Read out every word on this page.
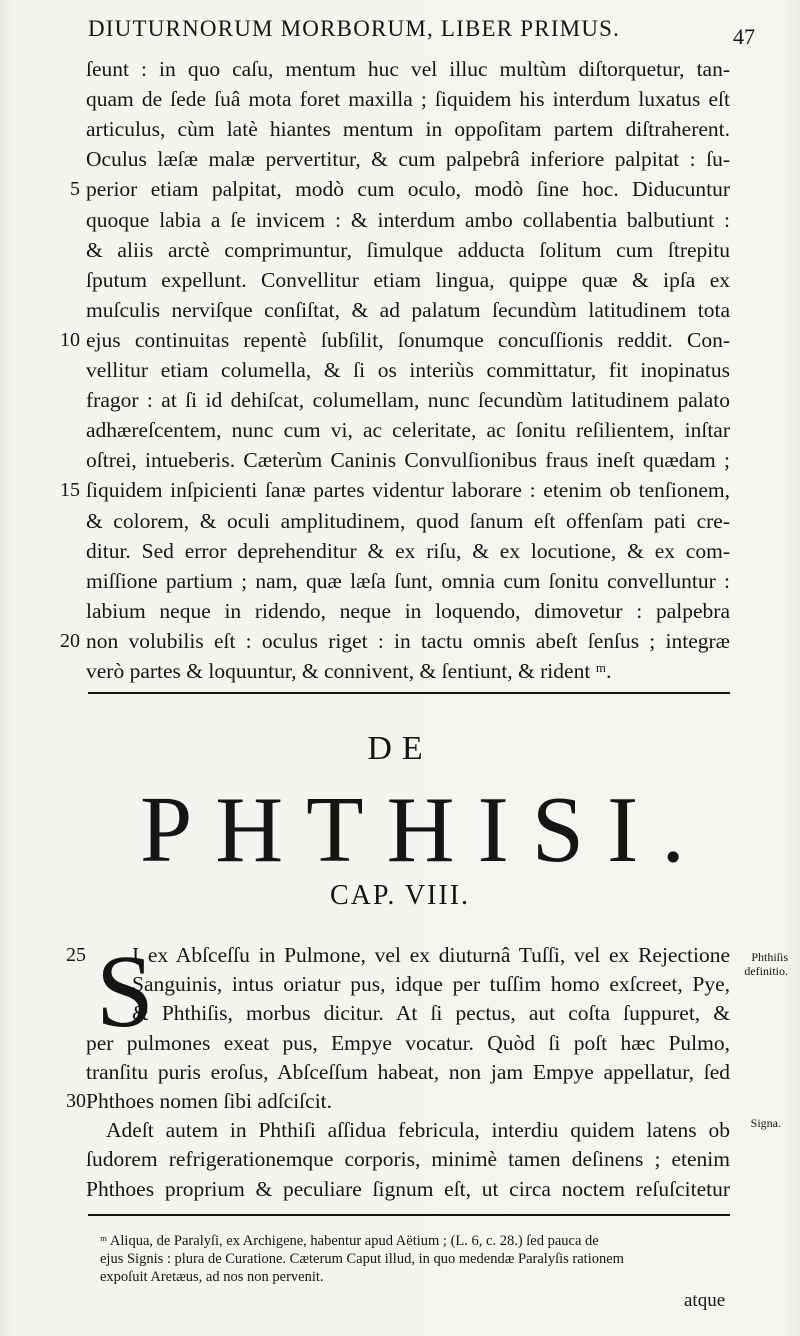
DIUTURNORUM MORBORUM, LIBER PRIMUS.	47
ſeunt : in quo caſu, mentum huc vel illuc multùm diſtorquetur, tan-
quam de ſede ſuâ mota foret maxilla ; ſiquidem his interdum luxatus eſt
articulus, cùm latè hiantes mentum in oppoſitam partem diſtraherent.
Oculus læſæ malæ pervertitur, & cum palpebrâ inferiore palpitat : ſu-
perior etiam palpitat, modò cum oculo, modò ſine hoc. Diducuntur
quoque labia a ſe invicem : & interdum ambo collabentia balbutiunt :
& aliis arctè comprimuntur, ſimulque adducta ſolitum cum ſtrepitu
ſputum expellunt. Convellitur etiam lingua, quippe quæ & ipſa ex
muſculis nerviſque conſiſtat, & ad palatum ſecundùm latitudinem tota
ejus continuitas repentè ſubſilit, ſonumque concuſſionis reddit. Con-
vellitur etiam columella, & ſi os interiùs committatur, fit inopinatus
fragor : at ſi id dehiſcat, columellam, nunc ſecundùm latitudinem palato
adhæreſcentem, nunc cum vi, ac celeritate, ac ſonitu reſilientem, inſtar
oſtrei, intueberis. Cæterùm Caninis Convulſionibus fraus ineſt quædam ;
ſiquidem inſpicienti ſanæ partes videntur laborare : etenim ob tenſionem,
& colorem, & oculi amplitudinem, quod ſanum eſt offenſam pati cre-
ditur. Sed error deprehenditur & ex riſu, & ex locutione, & ex com-
miſſione partium ; nam, quæ læſa ſunt, omnia cum ſonitu convelluntur :
labium neque in ridendo, neque in loquendo, dimovetur : palpebra
non volubilis eſt : oculus riget : in tactu omnis abeſt ſenſus ; integræ
verò partes & loquuntur, & connivent, & ſentiunt, & rident ᵐ.
DE
PHTHISI.
CAP. VIII.
S
I ex Abſceſſu in Pulmone, vel ex diuturnâ Tuſſi, vel ex Rejectione
Sanguinis, intus oriatur pus, idque per tuſſim homo exſcreet, Pye,
& Phthiſis, morbus dicitur. At ſi pectus, aut coſta ſuppuret, &
per pulmones exeat pus, Empye vocatur. Quòd ſi poſt hæc Pulmo,
tranſitu puris eroſus, Abſceſſum habeat, non jam Empye appellatur, ſed
Phthoes nomen ſibi adſciſcit.
Adeſt autem in Phthiſi aſſidua febricula, interdiu quidem latens ob
ſudorem refrigerationemque corporis, minimè tamen deſinens ; etenim
Phthoes proprium & peculiare ſignum eſt, ut circa noctem reſuſcitetur
Phthiſis definitio.
Signa.
ᵐ Aliqua, de Paralyſi, ex Archigene, habentur apud Aëtium ; (L. 6, c. 28.) ſed pauca de
ejus Signis : plura de Curatione. Cæterum Caput illud, in quo medendæ Paralyſis rationem
expoſuit Aretæus, ad nos non pervenit.
atque
5
10
15
20
25
30
